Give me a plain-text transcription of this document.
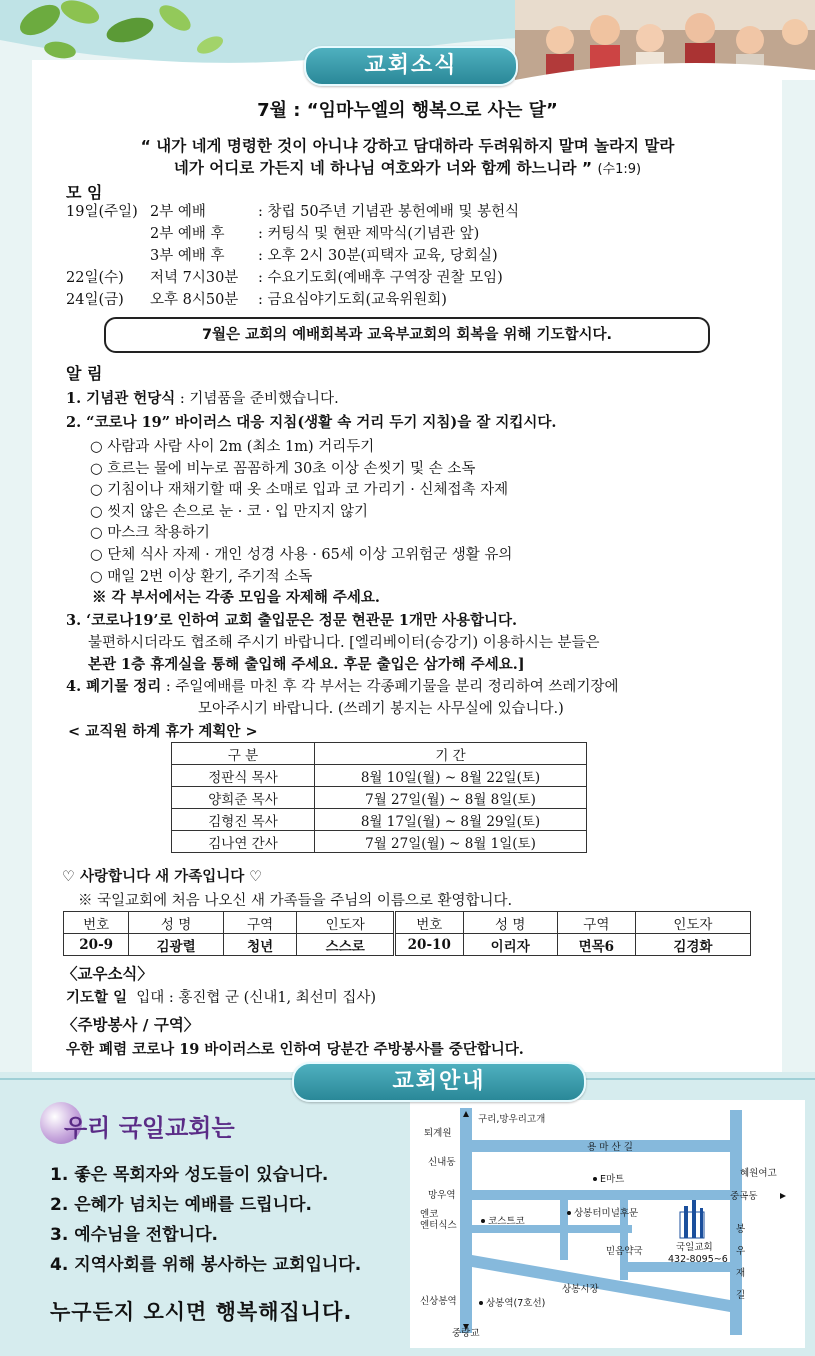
교회소식
교회안내
7월 : “임마누엘의 행복으로 사는 달”
“ 내가 네게 명령한 것이 아니냐 강하고 담대하라 두려워하지 말며 놀라지 말라
네가 어디로 가든지 네 하나님 여호와가 너와 함께 하느니라 ” (수1:9)
모 임
19일(주일) 2부 예배	: 창립 50주년 기념관 봉헌예배 및 봉헌식
2부 예배 후 : 커팅식 및 현판 제막식(기념관 앞)
3부 예배 후 : 오후 2시 30분(피택자 교육, 당회실)
22일(수) 저녁 7시30분 : 수요기도회(예배후 구역장 권찰 모임)
24일(금) 오후 8시50분 : 금요심야기도회(교육위원회)
7월은 교회의 예배회복과 교육부교회의 회복을 위해 기도합시다.
알 림
1. 기념관 헌당식 : 기념품을 준비했습니다.
2. “코로나 19” 바이러스 대응 지침(생활 속 거리 두기 지침)을 잘 지킵시다.
○ 사람과 사람 사이 2m (최소 1m) 거리두기
○ 흐르는 물에 비누로 꼼꼼하게 30초 이상 손씻기 및 손 소독
○ 기침이나 재채기할 때 옷 소매로 입과 코 가리기 · 신체접촉 자제
○ 씻지 않은 손으로 눈 · 코 · 입 만지지 않기
○ 마스크 착용하기
○ 단체 식사 자제 · 개인 성경 사용 · 65세 이상 고위험군 생활 유의
○ 매일 2번 이상 환기, 주기적 소독
※ 각 부서에서는 각종 모임을 자제해 주세요.
3. ‘코로나19’로 인하여 교회 출입문은 정문 현관문 1개만 사용합니다.
불편하시더라도 협조해 주시기 바랍니다. [엘리베이터(승강기) 이용하시는 분들은
본관 1층 휴게실을 통해 출입해 주세요. 후문 출입은 삼가해 주세요.]
4. 폐기물 정리 : 주일예배를 마친 후 각 부서는 각종폐기물을 분리 정리하여 쓰레기장에
모아주시기 바랍니다. (쓰레기 봉지는 사무실에 있습니다.)
< 교직원 하계 휴가 계획안 >
구 분	기 간
정판식 목사	8월 10일(월) ~ 8월 22일(토)
양희준 목사	7월 27일(월) ~ 8월 8일(토)
김형진 목사	8월 17일(월) ~ 8월 29일(토)
김나연 간사	7월 27일(월) ~ 8월 1일(토)
♡ 사랑합니다 새 가족입니다 ♡
※ 국일교회에 처음 나오신 새 가족들을 주님의 이름으로 환영합니다.
번호	성 명	구역	인도자	번호	성 명	구역	인도자
20-9	김광렬	청년	스스로	20-10	이리자	면목6	김경화
〈교우소식〉
기도할 일 입대 : 홍진협 군 (신내1, 최선미 집사)
〈주방봉사 / 구역〉
우한 폐렴 코로나 19 바이러스로 인하여 당분간 주방봉사를 중단합니다.
우리 국일교회는
1. 좋은 목회자와 성도들이 있습니다.
2. 은혜가 넘치는 예배를 드립니다.
3. 예수님을 전합니다.
4. 지역사회를 위해 봉사하는 교회입니다.
누구든지 오시면 행복해집니다.
구리,망우리고개
퇴계원
용 마 산 길
신내동
E마트
혜원여고
망우역	중곡동
엔코 엔터식스	코스트코
상봉터미널후문
믿음약국	국일교회
432-8095~6
봉 우 재 길
상봉시장
신상봉역	상봉역(7호선)
중랑교
